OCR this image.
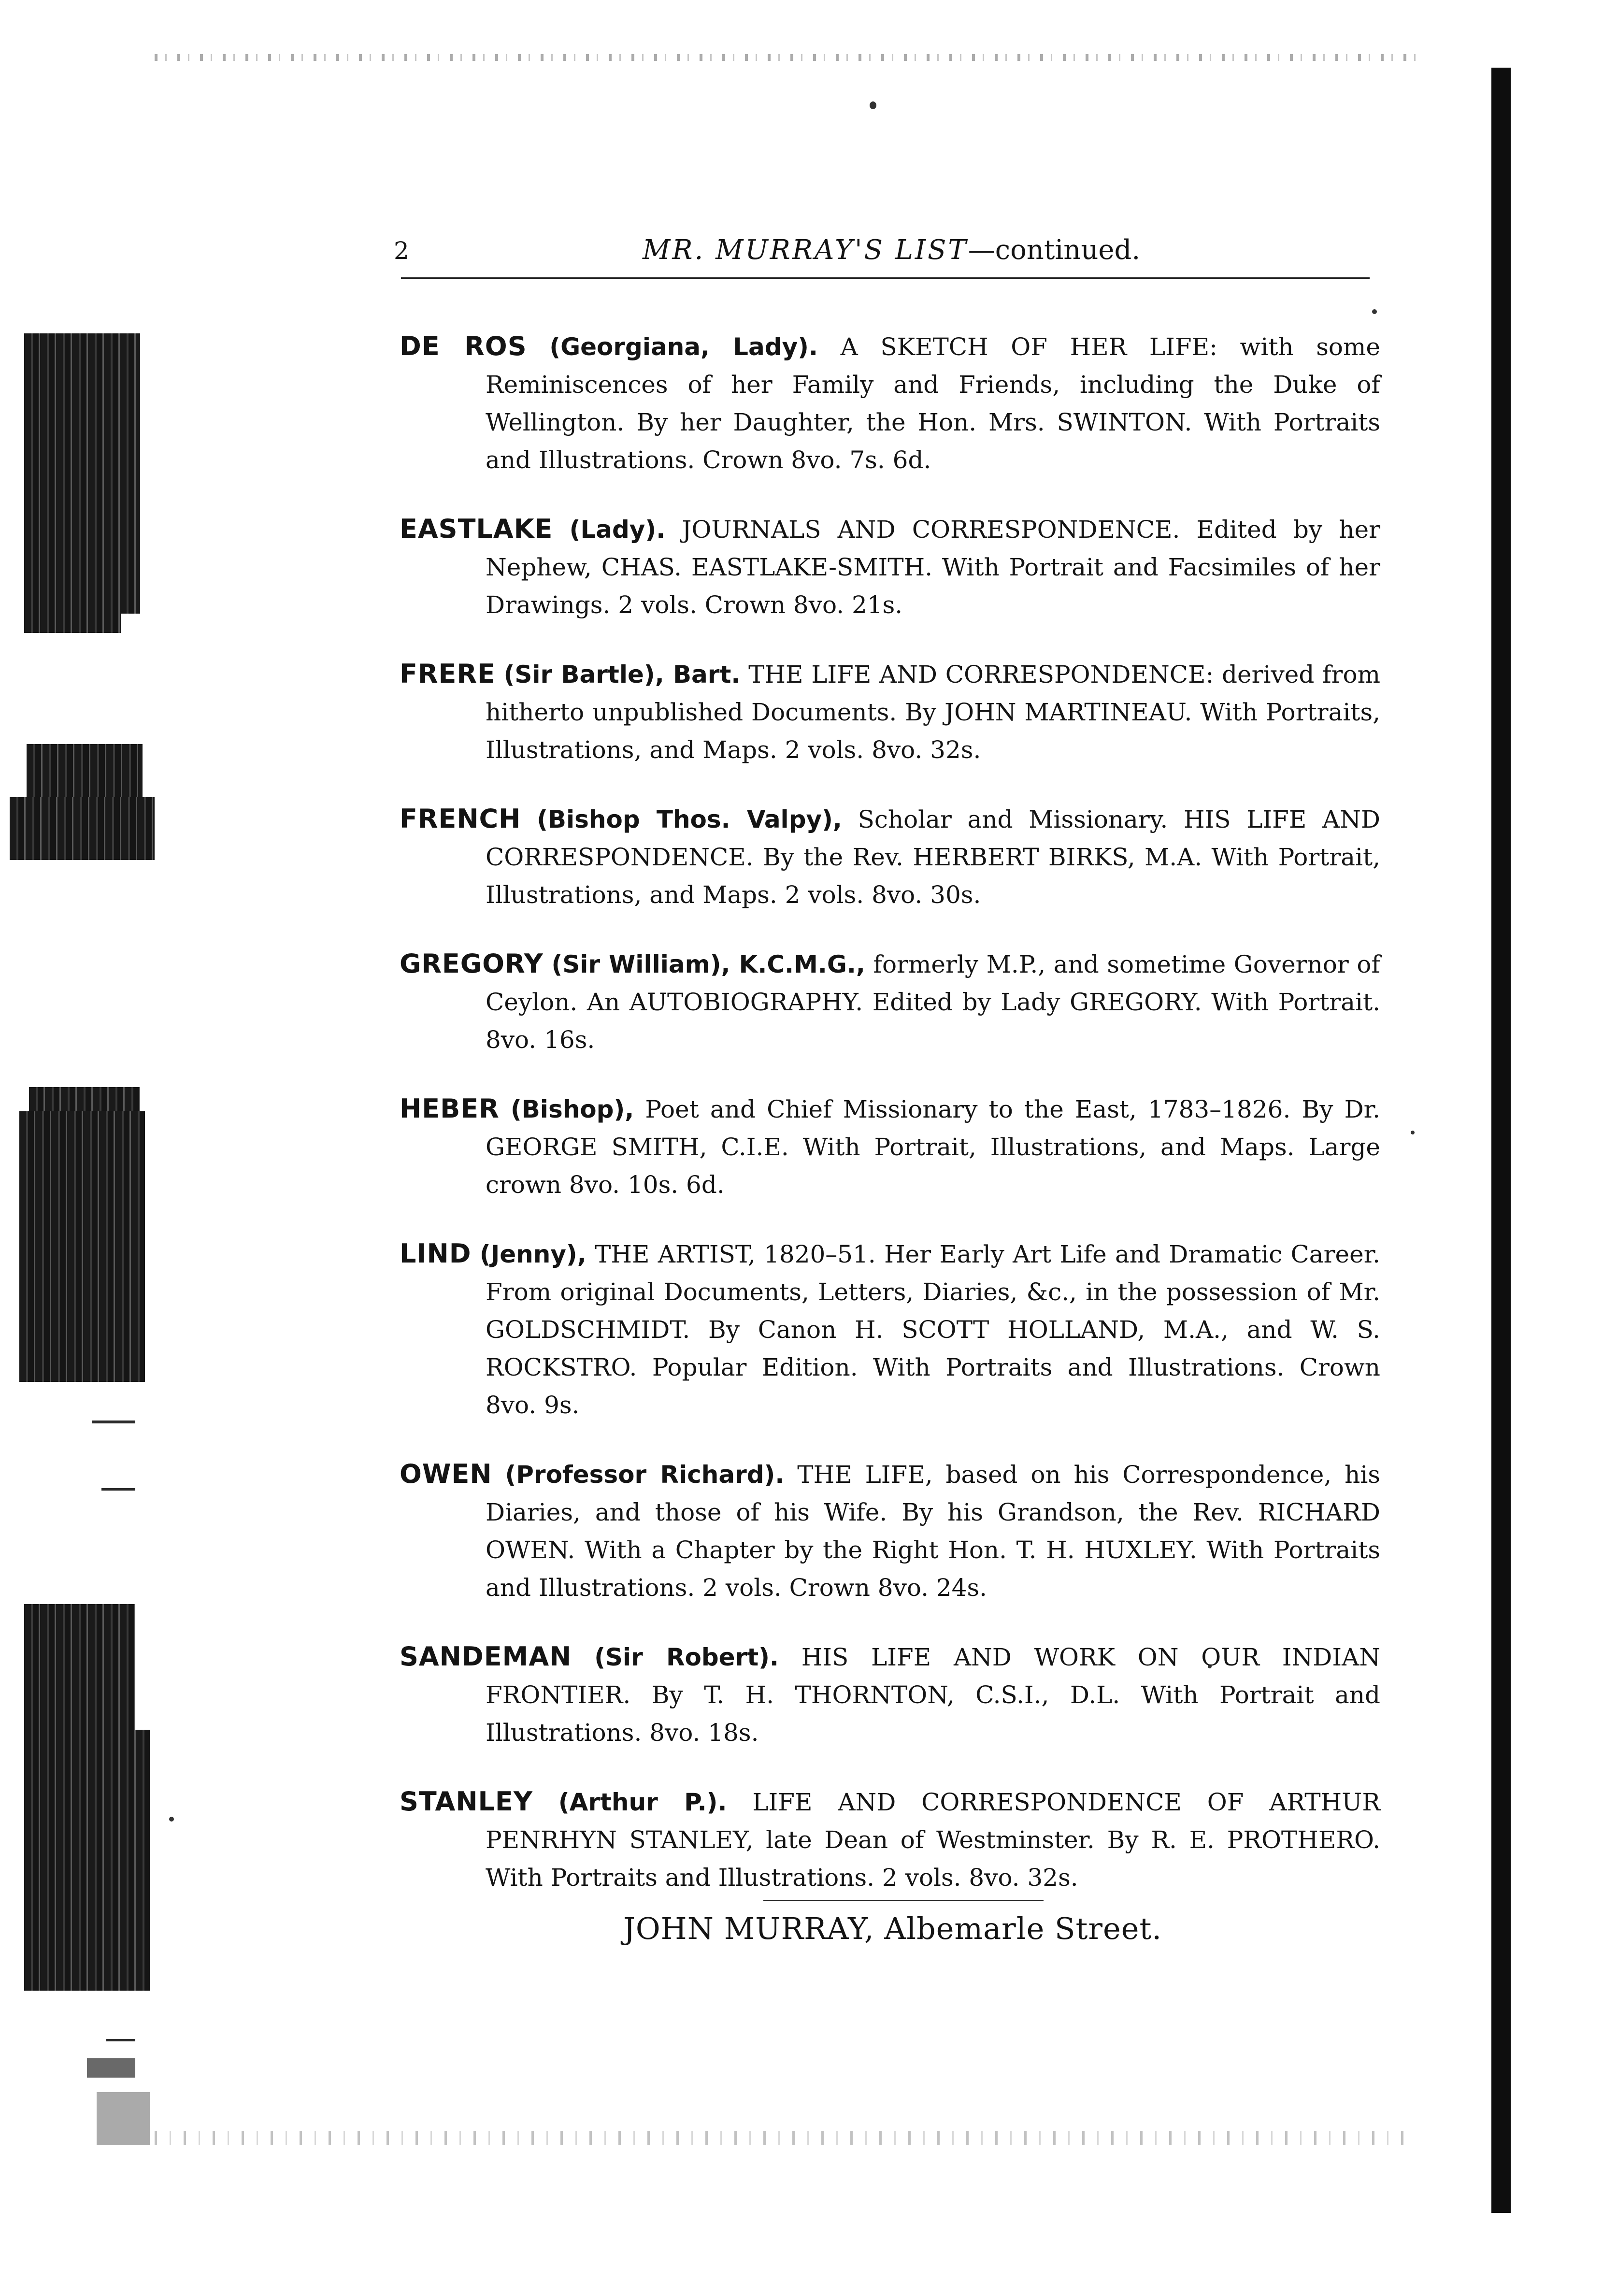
2	MR. MURRAY'S LIST—continued.

DE ROS (Georgiana, Lady). A SKETCH OF HER LIFE: with some Reminiscences of her Family and Friends, including the Duke of Wellington. By her Daughter, the Hon. Mrs. SWINTON. With Portraits and Illustrations. Crown 8vo. 7s. 6d.

EASTLAKE (Lady). JOURNALS AND CORRESPONDENCE. Edited by her Nephew, CHAS. EASTLAKE-SMITH. With Portrait and Facsimiles of her Drawings. 2 vols. Crown 8vo. 21s.

FRERE (Sir Bartle), Bart. THE LIFE AND CORRESPONDENCE: derived from hitherto unpublished Documents. By JOHN MARTINEAU. With Portraits, Illustrations, and Maps. 2 vols. 8vo. 32s.

FRENCH (Bishop Thos. Valpy), Scholar and Missionary. HIS LIFE AND CORRESPONDENCE. By the Rev. HERBERT BIRKS, M.A. With Portrait, Illustrations, and Maps. 2 vols. 8vo. 30s.

GREGORY (Sir William), K.C.M.G., formerly M.P., and sometime Governor of Ceylon. An AUTOBIOGRAPHY. Edited by Lady GREGORY. With Portrait. 8vo. 16s.

HEBER (Bishop), Poet and Chief Missionary to the East, 1783–1826. By Dr. GEORGE SMITH, C.I.E. With Portrait, Illustrations, and Maps. Large crown 8vo. 10s. 6d.

LIND (Jenny), THE ARTIST, 1820–51. Her Early Art Life and Dramatic Career. From original Documents, Letters, Diaries, &c., in the possession of Mr. GOLDSCHMIDT. By Canon H. SCOTT HOLLAND, M.A., and W. S. ROCKSTRO. Popular Edition. With Portraits and Illustrations. Crown 8vo. 9s.

OWEN (Professor Richard). THE LIFE, based on his Correspondence, his Diaries, and those of his Wife. By his Grandson, the Rev. RICHARD OWEN. With a Chapter by the Right Hon. T. H. HUXLEY. With Portraits and Illustrations. 2 vols. Crown 8vo. 24s.

SANDEMAN (Sir Robert). HIS LIFE AND WORK ON OUR INDIAN FRONTIER. By T. H. THORNTON, C.S.I., D.L. With Portrait and Illustrations. 8vo. 18s.

STANLEY (Arthur P.). LIFE AND CORRESPONDENCE OF ARTHUR PENRHYN STANLEY, late Dean of Westminster. By R. E. PROTHERO. With Portraits and Illustrations. 2 vols. 8vo. 32s.

JOHN MURRAY, Albemarle Street.
